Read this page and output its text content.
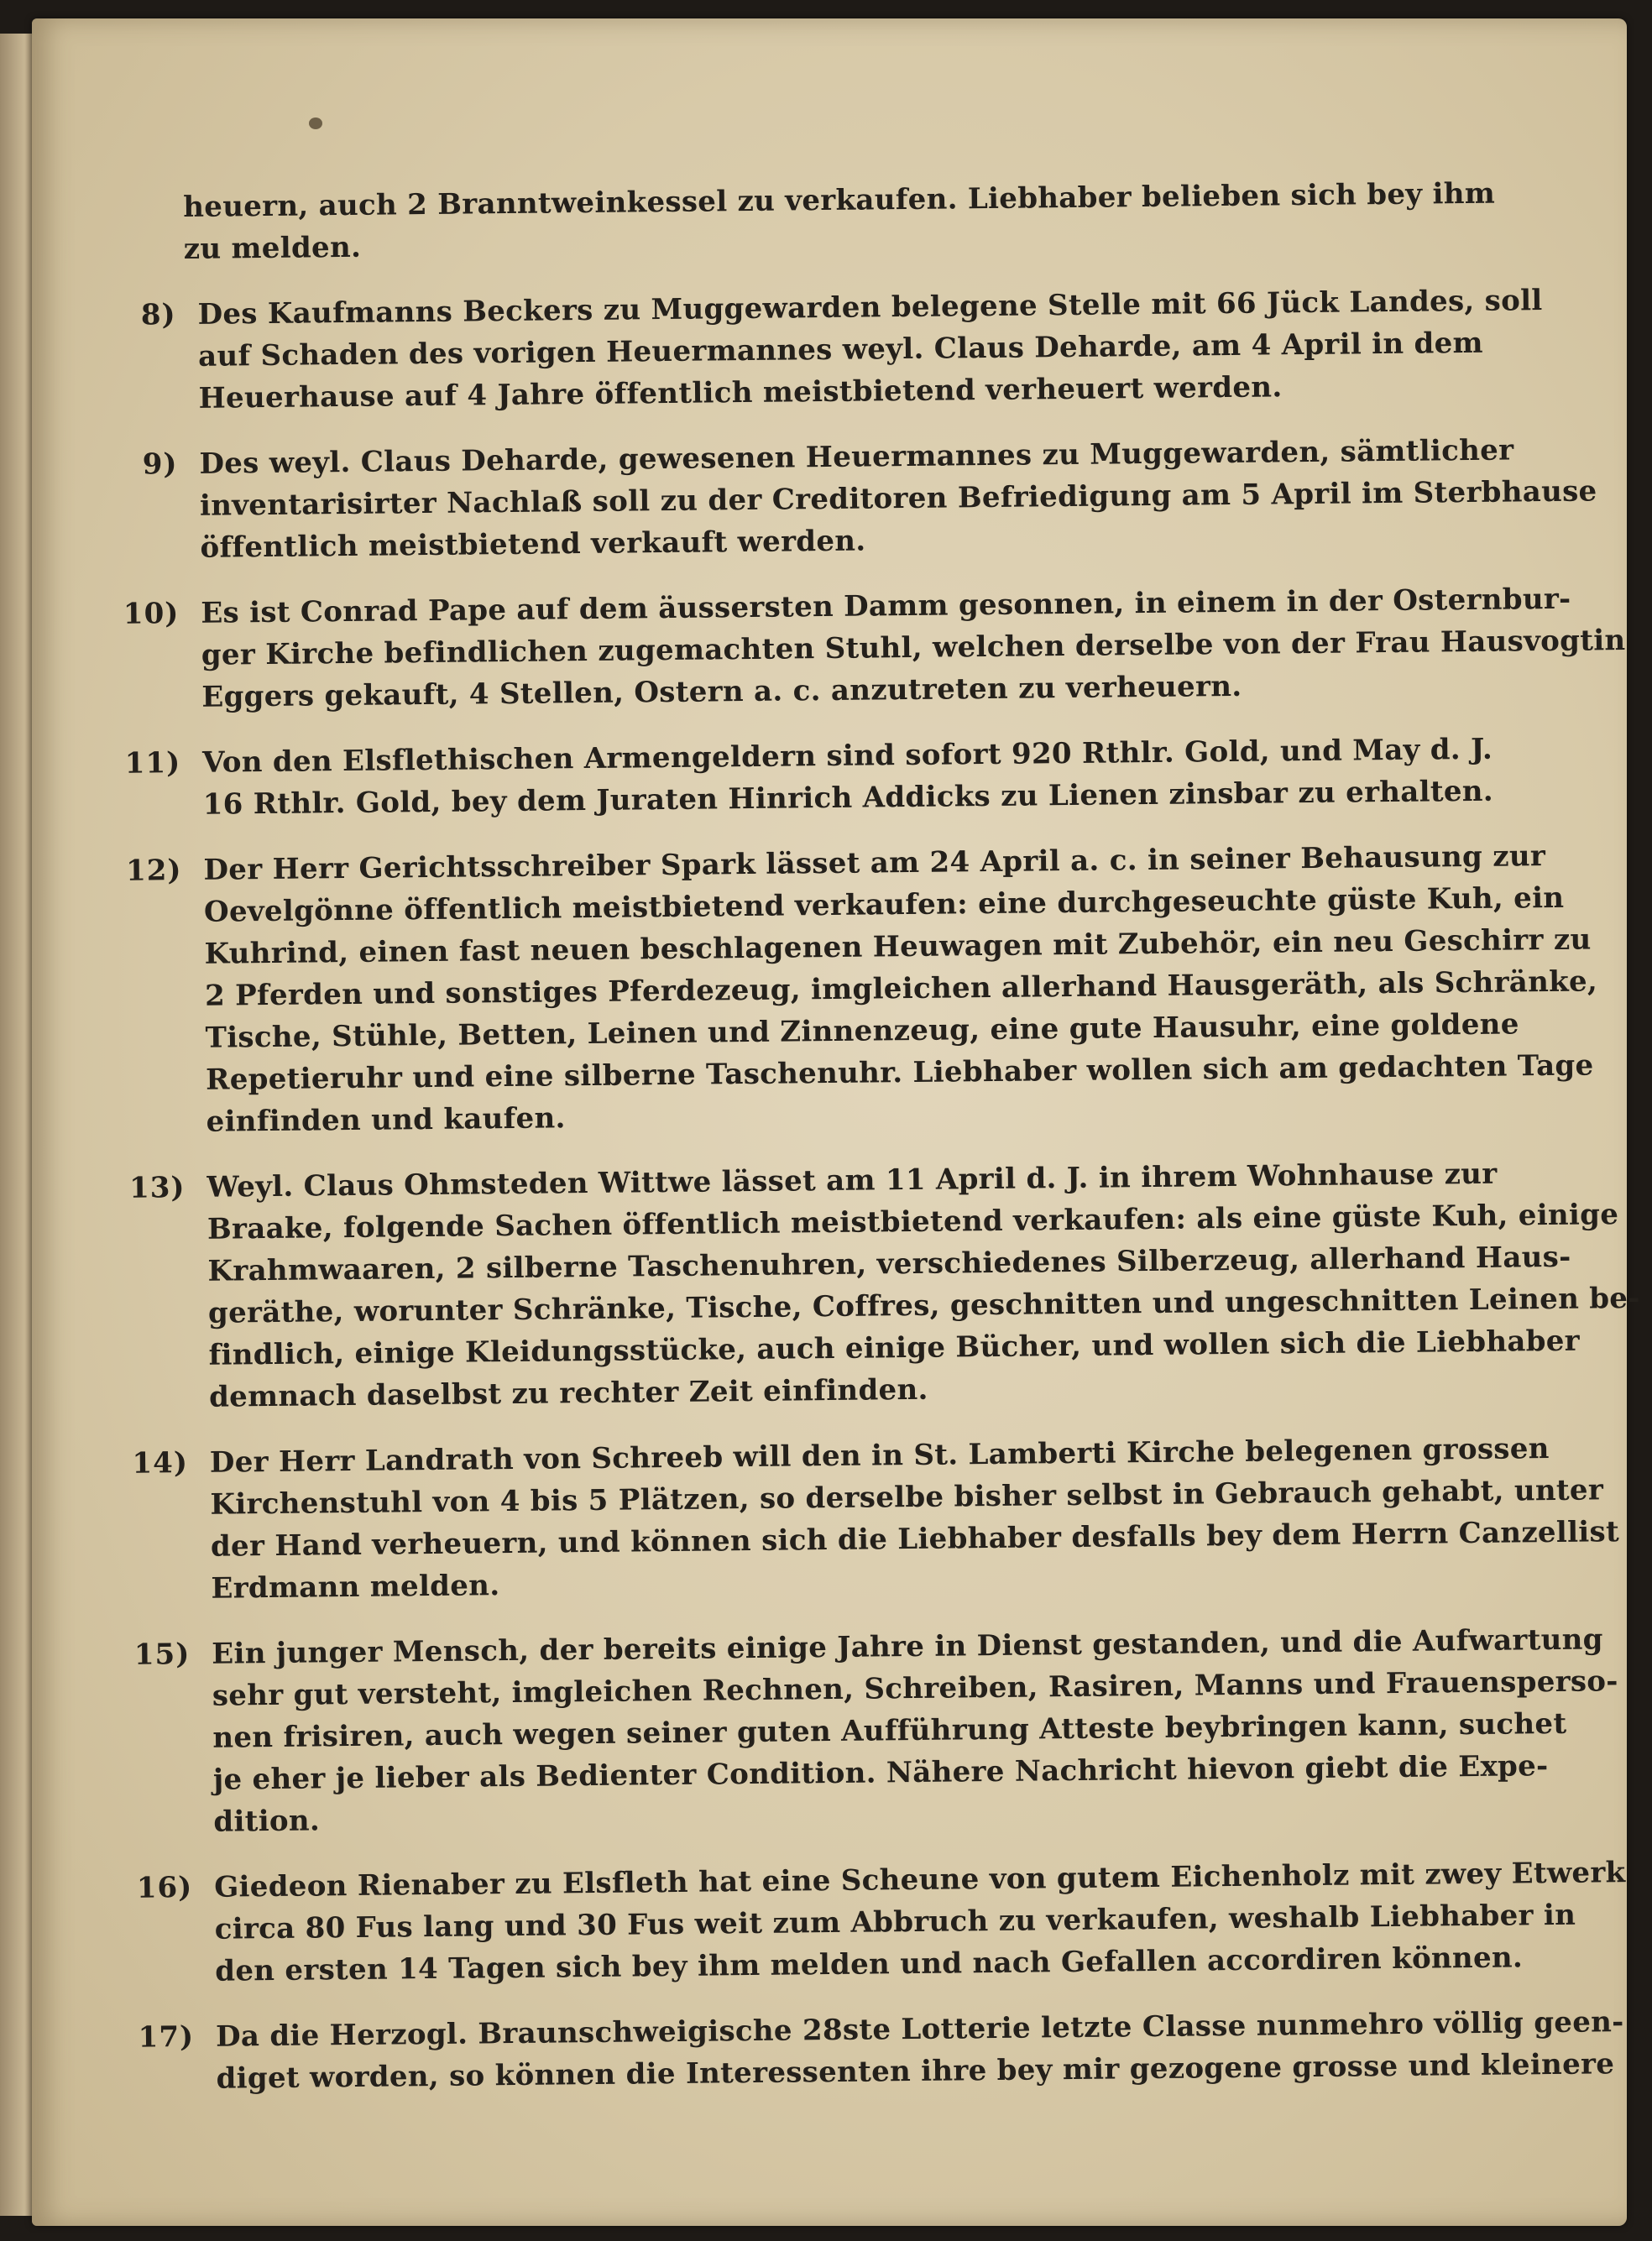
heuern, auch 2 Branntweinkessel zu verkaufen. Liebhaber belieben sich bey ihm
zu melden.
8) Des Kaufmanns Beckers zu Muggewarden belegene Stelle mit 66 Jück Landes, soll
auf Schaden des vorigen Heuermannes weyl. Claus Deharde, am 4 April in dem
Heuerhause auf 4 Jahre öffentlich meistbietend verheuert werden.
9) Des weyl. Claus Deharde, gewesenen Heuermannes zu Muggewarden, sämtlicher
inventarisirter Nachlaß soll zu der Creditoren Befriedigung am 5 April im Sterbhause
öffentlich meistbietend verkauft werden.
10) Es ist Conrad Pape auf dem äussersten Damm gesonnen, in einem in der Osternbur-
ger Kirche befindlichen zugemachten Stuhl, welchen derselbe von der Frau Hausvogtin
Eggers gekauft, 4 Stellen, Ostern a. c. anzutreten zu verheuern.
11) Von den Elsflethischen Armengeldern sind sofort 920 Rthlr. Gold, und May d. J.
16 Rthlr. Gold, bey dem Juraten Hinrich Addicks zu Lienen zinsbar zu erhalten.
12) Der Herr Gerichtsschreiber Spark lässet am 24 April a. c. in seiner Behausung zur
Oevelgönne öffentlich meistbietend verkaufen: eine durchgeseuchte güste Kuh, ein
Kuhrind, einen fast neuen beschlagenen Heuwagen mit Zubehör, ein neu Geschirr zu
2 Pferden und sonstiges Pferdezeug, imgleichen allerhand Hausgeräth, als Schränke,
Tische, Stühle, Betten, Leinen und Zinnenzeug, eine gute Hausuhr, eine goldene
Repetieruhr und eine silberne Taschenuhr. Liebhaber wollen sich am gedachten Tage
einfinden und kaufen.
13) Weyl. Claus Ohmsteden Wittwe lässet am 11 April d. J. in ihrem Wohnhause zur
Braake, folgende Sachen öffentlich meistbietend verkaufen: als eine güste Kuh, einige
Krahmwaaren, 2 silberne Taschenuhren, verschiedenes Silberzeug, allerhand Haus-
geräthe, worunter Schränke, Tische, Coffres, geschnitten und ungeschnitten Leinen be-
findlich, einige Kleidungsstücke, auch einige Bücher, und wollen sich die Liebhaber
demnach daselbst zu rechter Zeit einfinden.
14) Der Herr Landrath von Schreeb will den in St. Lamberti Kirche belegenen grossen
Kirchenstuhl von 4 bis 5 Plätzen, so derselbe bisher selbst in Gebrauch gehabt, unter
der Hand verheuern, und können sich die Liebhaber desfalls bey dem Herrn Canzellist
Erdmann melden.
15) Ein junger Mensch, der bereits einige Jahre in Dienst gestanden, und die Aufwartung
sehr gut versteht, imgleichen Rechnen, Schreiben, Rasiren, Manns und Frauensperso-
nen frisiren, auch wegen seiner guten Aufführung Atteste beybringen kann, suchet
je eher je lieber als Bedienter Condition. Nähere Nachricht hievon giebt die Expe-
dition.
16) Giedeon Rienaber zu Elsfleth hat eine Scheune von gutem Eichenholz mit zwey Etwerk
circa 80 Fus lang und 30 Fus weit zum Abbruch zu verkaufen, weshalb Liebhaber in
den ersten 14 Tagen sich bey ihm melden und nach Gefallen accordiren können.
17) Da die Herzogl. Braunschweigische 28ste Lotterie letzte Classe nunmehro völlig geen-
diget worden, so können die Interessenten ihre bey mir gezogene grosse und kleinere
